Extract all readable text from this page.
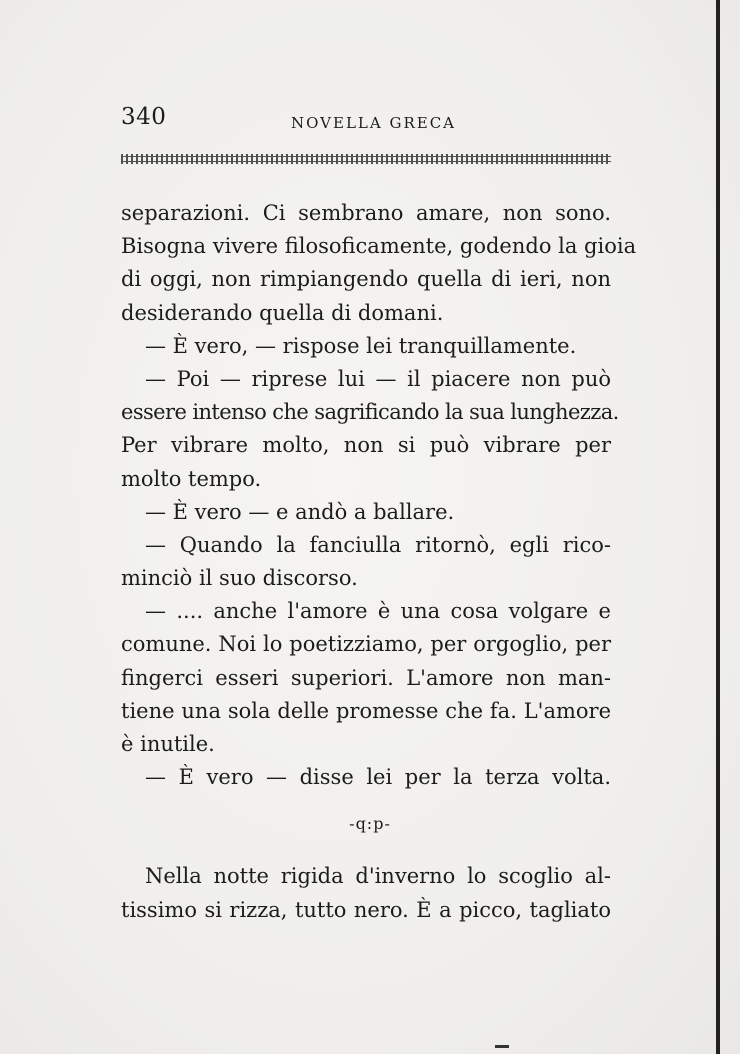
340	NOVELLA GRECA
separazioni. Ci sembrano amare, non sono.
Bisogna vivere filosoficamente, godendo la gioia
di oggi, non rimpiangendo quella di ieri, non
desiderando quella di domani.
— È vero, — rispose lei tranquillamente.
— Poi — riprese lui — il piacere non può
essere intenso che sagrificando la sua lunghezza.
Per vibrare molto, non si può vibrare per
molto tempo.
— È vero — e andò a ballare.
— Quando la fanciulla ritornò, egli rico-
minciò il suo discorso.
— .... anche l'amore è una cosa volgare e
comune. Noi lo poetizziamo, per orgoglio, per
fingerci esseri superiori. L'amore non man-
tiene una sola delle promesse che fa. L'amore
è inutile.
— È vero — disse lei per la terza volta.
-q:p-
Nella notte rigida d'inverno lo scoglio al-
tissimo si rizza, tutto nero. È a picco, tagliato
